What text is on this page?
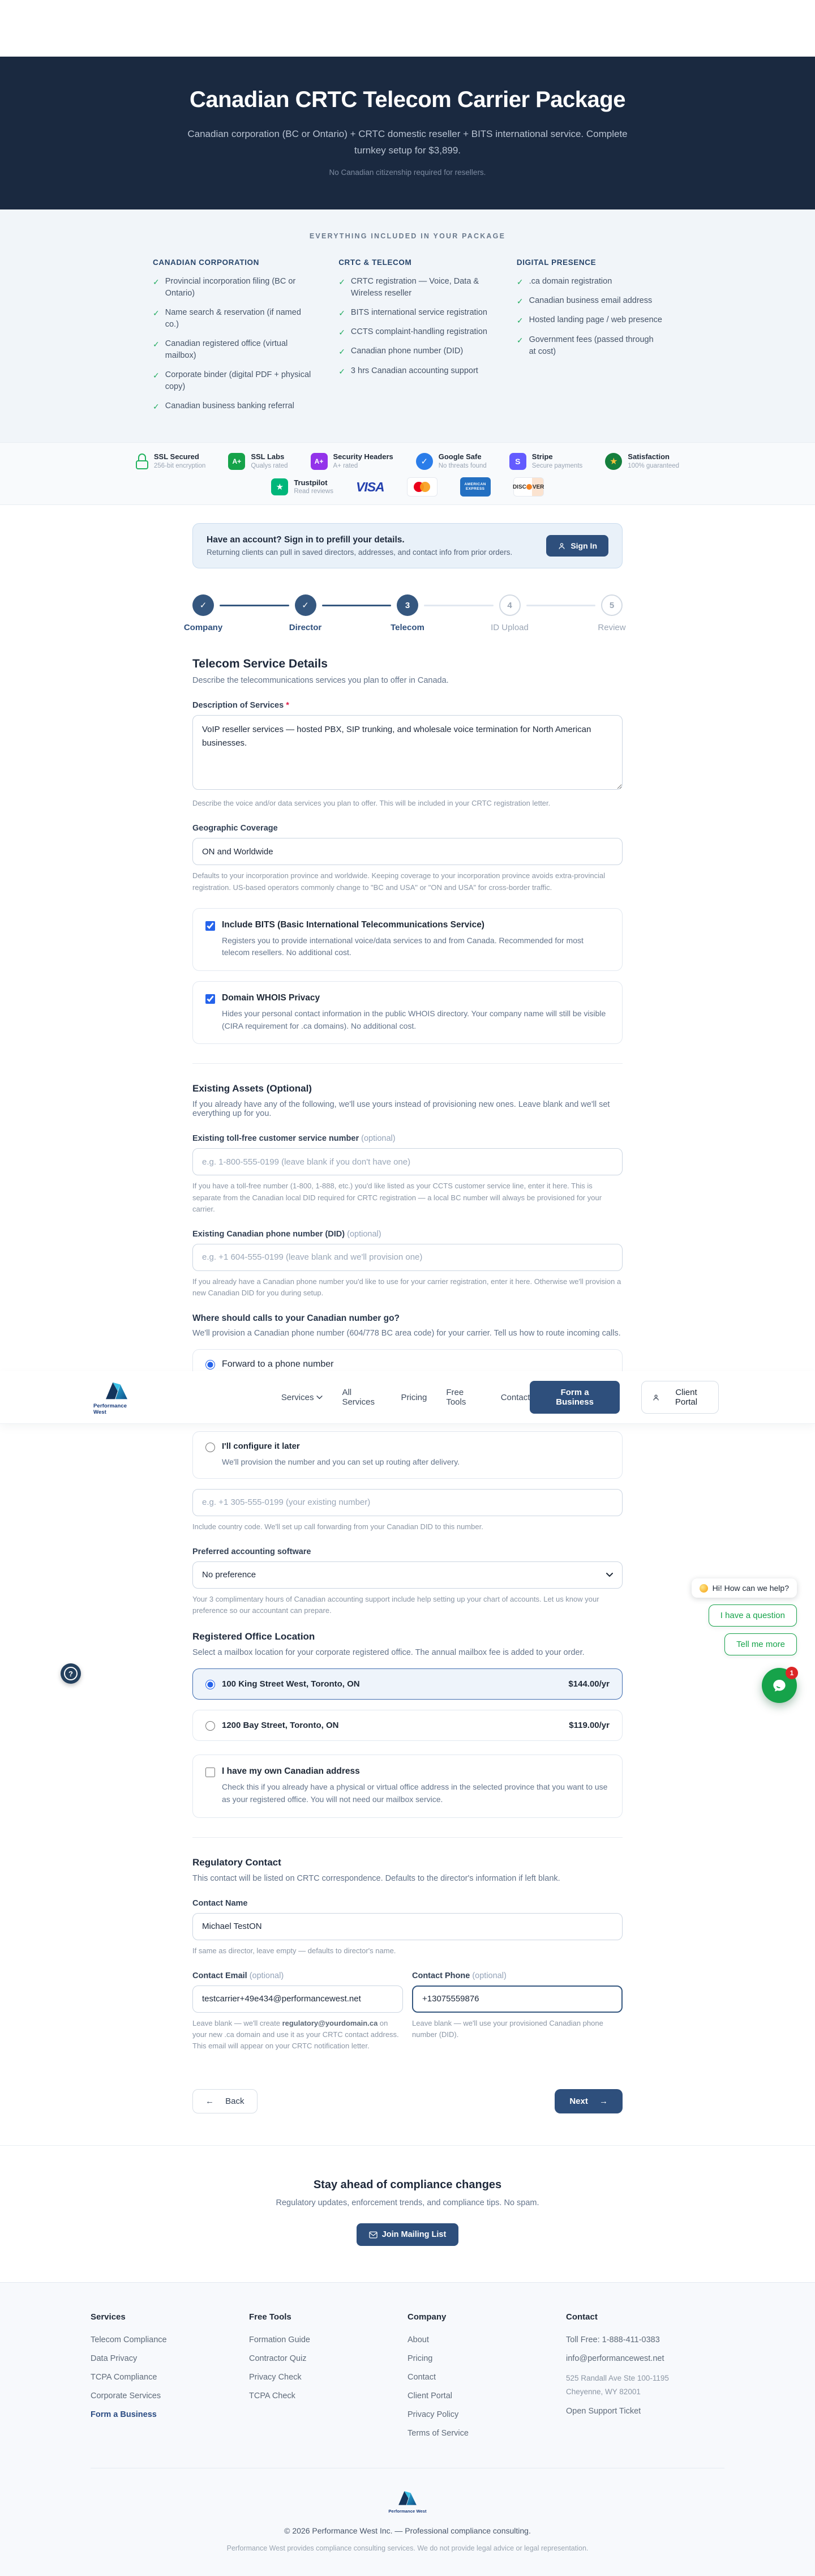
Canadian CRTC Telecom Carrier Package

Canadian corporation (BC or Ontario) + CRTC domestic reseller + BITS international service. Complete turnkey setup for $3,899.

No Canadian citizenship required for resellers.

EVERYTHING INCLUDED IN YOUR PACKAGE
CANADIAN CORPORATION
✓ Provincial incorporation filing (BC or Ontario)
✓ Name search & reservation (if named co.)
✓ Canadian registered office (virtual mailbox)
✓ Corporate binder (digital PDF + physical copy)
✓ Canadian business banking referral
CRTC & TELECOM
✓ CRTC registration — Voice, Data & Wireless reseller
✓ BITS international service registration
✓ CCTS complaint-handling registration
✓ Canadian phone number (DID)
✓ 3 hrs Canadian accounting support
DIGITAL PRESENCE
✓ .ca domain registration
✓ Canadian business email address
✓ Hosted landing page / web presence
✓ Government fees (passed through at cost)
SSL Secured
256-bit encryption
A+
SSL Labs
Qualys rated
A+
Security Headers
A+ rated	✓
Google Safe
No threats found
S
Stripe
Secure payments	★
Satisfaction
100% guaranteed
★
Trustpilot
Read reviews VISA	AMERICAN
EXPRESS	DISC VER
Have an account? Sign in to prefill your details.
Returning clients can pull in saved directors, addresses, and contact info from prior orders.
Sign In
✓	✓	3	4	5
Company	Director	Telecom	ID Upload	Review
Telecom Service Details

Describe the telecommunications services you plan to offer in Canada.

Description of Services *
VoIP reseller services — hosted PBX, SIP trunking, and wholesale voice termination for North American businesses.
Describe the voice and/or data services you plan to offer. This will be included in your CRTC registration letter.
Geographic Coverage
ON and Worldwide
Defaults to your incorporation province and worldwide. Keeping coverage to your incorporation province avoids extra-provincial registration. US-based operators commonly change to "BC and USA" or "ON and USA" for cross-border traffic.
Include BITS (Basic International Telecommunications Service)
Registers you to provide international voice/data services to and from Canada. Recommended for most telecom resellers. No additional cost.
Domain WHOIS Privacy
Hides your personal contact information in the public WHOIS directory. Your company name will still be visible (CIRA requirement for .ca domains). No additional cost.
Existing Assets (Optional)

If you already have any of the following, we'll use yours instead of provisioning new ones. Leave blank and we'll set everything up for you.

Existing toll-free customer service number (optional)
e.g. 1-800-555-0199 (leave blank if you don't have one)
If you have a toll-free number (1-800, 1-888, etc.) you'd like listed as your CCTS customer service line, enter it here. This is separate from the Canadian local DID required for CRTC registration — a local BC number will always be provisioned for your carrier.
Existing Canadian phone number (DID) (optional)
e.g. +1 604-555-0199 (leave blank and we'll provision one)
If you already have a Canadian phone number you'd like to use for your carrier registration, enter it here. Otherwise we'll provision a new Canadian DID for you during setup.
Where should calls to your Canadian number go?

We'll provision a Canadian phone number (604/778 BC area code) for your carrier. Tell us how to route incoming calls.

Forward to a phone number
Performance West
Services	All Services	Pricing Free Tools	Contact	Form a Business
Client Portal
I'll configure it later
We'll provision the number and you can set up routing after delivery.
e.g. +1 305-555-0199 (your existing number)
Include country code. We'll set up call forwarding from your Canadian DID to this number.
Preferred accounting software
No preference
Your 3 complimentary hours of Canadian accounting support include help setting up your chart of accounts. Let us know your preference so our accountant can prepare.
Registered Office Location

Select a mailbox location for your corporate registered office. The annual mailbox fee is added to your order.

100 King Street West, Toronto, ON	$144.00/yr
1200 Bay Street, Toronto, ON	$119.00/yr
I have my own Canadian address
Check this if you already have a physical or virtual office address in the selected province that you want to use as your registered office. You will not need our mailbox service.
Regulatory Contact

This contact will be listed on CRTC correspondence. Defaults to the director's information if left blank.

Contact Name
Michael TestON
If same as director, leave empty — defaults to director's name.
Contact Email (optional)
testcarrier+49e434@performancewest.net
Leave blank — we'll create regulatory@yourdomain.ca on your new .ca domain and use it as your CRTC contact address. This email will appear on your CRTC notification letter.
Contact Phone (optional)
+13075559876
Leave blank — we'll use your provisioned Canadian phone number (DID).
←
Back	Next
→
Stay ahead of compliance changes

Regulatory updates, enforcement trends, and compliance tips. No spam.

Join Mailing List
Services
Telecom Compliance
Data Privacy
TCPA Compliance
Corporate Services
Form a Business
Free Tools
Formation Guide
Contractor Quiz
Privacy Check
TCPA Check
Company
About
Pricing
Contact
Client Portal
Privacy Policy
Terms of Service
Contact
Toll Free: 1-888-411-0383
info@performancewest.net
525 Randall Ave Ste 100-1195
Cheyenne, WY 82001
Open Support Ticket
Performance West
© 2026 Performance West Inc. — Professional compliance consulting.
Performance West provides compliance consulting services. We do not provide legal advice or legal representation.
?
Hi! How can we help?
I have a question
Tell me more
1
